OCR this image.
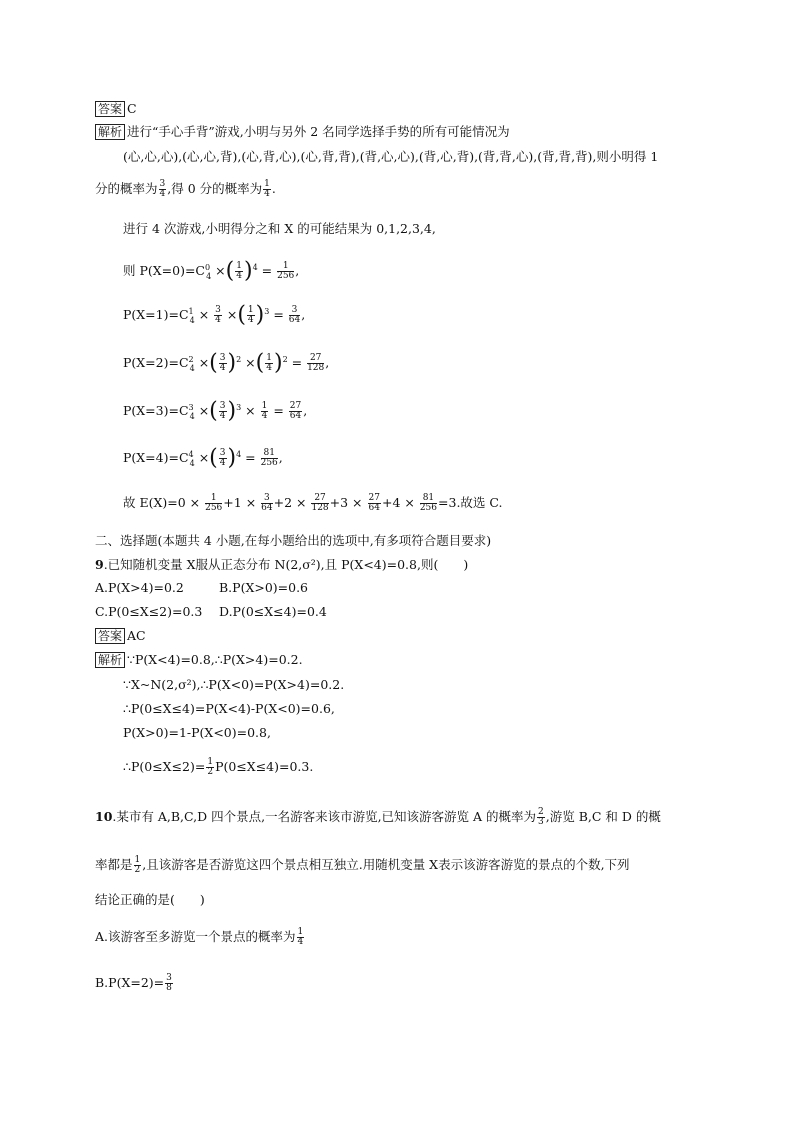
答案 C
解析 进行“手心手背”游戏,小明与另外 2 名同学选择手势的所有可能情况为
(心,心,心),(心,心,背),(心,背,心),(心,背,背),(背,心,心),(背,心,背),(背,背,心),(背,背,背),则小明得 1
分的概率为 $\frac{3}{4}$ ,得 0 分的概率为 $\frac{1}{4}$ .
进行 4 次游戏,小明得分之和 X 的可能结果为 0,1,2,3,4,
则 $P(X=0)=C^0_4$ ×( $\frac{1}{4} )^4 = \frac{1}{256}$ ,
$P(X=1)=C^1_4 \times \frac{3}{4}$ ×( $\frac{1}{4} )^3 = \frac{3}{64}$ ,
$P(X=2)=C^2_4$ ×( $\frac{3}{4} )^2$ ×( $\frac{1}{4} )^2 = \frac{27}{128}$ ,
$P(X=3)=C^3_4$ ×( $\frac{3}{4} )^3 \times \frac{1}{4} = \frac{27}{64}$ ,
$P(X=4)=C^4_4$ ×( $\frac{3}{4} )^4 = \frac{81}{256}$ ,
故 $E(X)=0 \times \frac{1}{256} +1 \times \frac{3}{64} +2 \times \frac{27}{128} +3 \times \frac{27}{64} +4 \times \frac{81}{256} =3$.故选 C.
二、选择题(本题共 4 小题,在每小题给出的选项中,有多项符合题目要求)
9.已知随机变量 X服从正态分布 N(2,σ²),且 P(X<4)=0.8,则(　　)
A.P(X>4)=0.2	B.P(X>0)=0.6
C.P(0≤X≤2)=0.3 D.P(0≤X≤4)=0.4
答案 AC
解析 ∵P(X<4)=0.8,∴P(X>4)=0.2.
∵X~N(2,σ²),∴P(X<0)=P(X>4)=0.2.
∴P(0≤X≤4)=P(X<4)-P(X<0)=0.6,
P(X>0)=1-P(X<0)=0.8,
∴P(0≤X≤2)= $\frac{1}{2} P(0\le X\le 4)=0.3$.
10.某市有 A,B,C,D 四个景点,一名游客来该市游览,已知该游客游览 A 的概率为 $\frac{2}{3}$ ,游览 B,C 和 D 的概
率都是 $\frac{1}{2}$ ,且该游客是否游览这四个景点相互独立.用随机变量 X表示该游客游览的景点的个数,下列
结论正确的是(　　)
A.该游客至多游览一个景点的概率为 $\frac{1}{4}$
$B.P(X=2)= \frac{3}{8}$
